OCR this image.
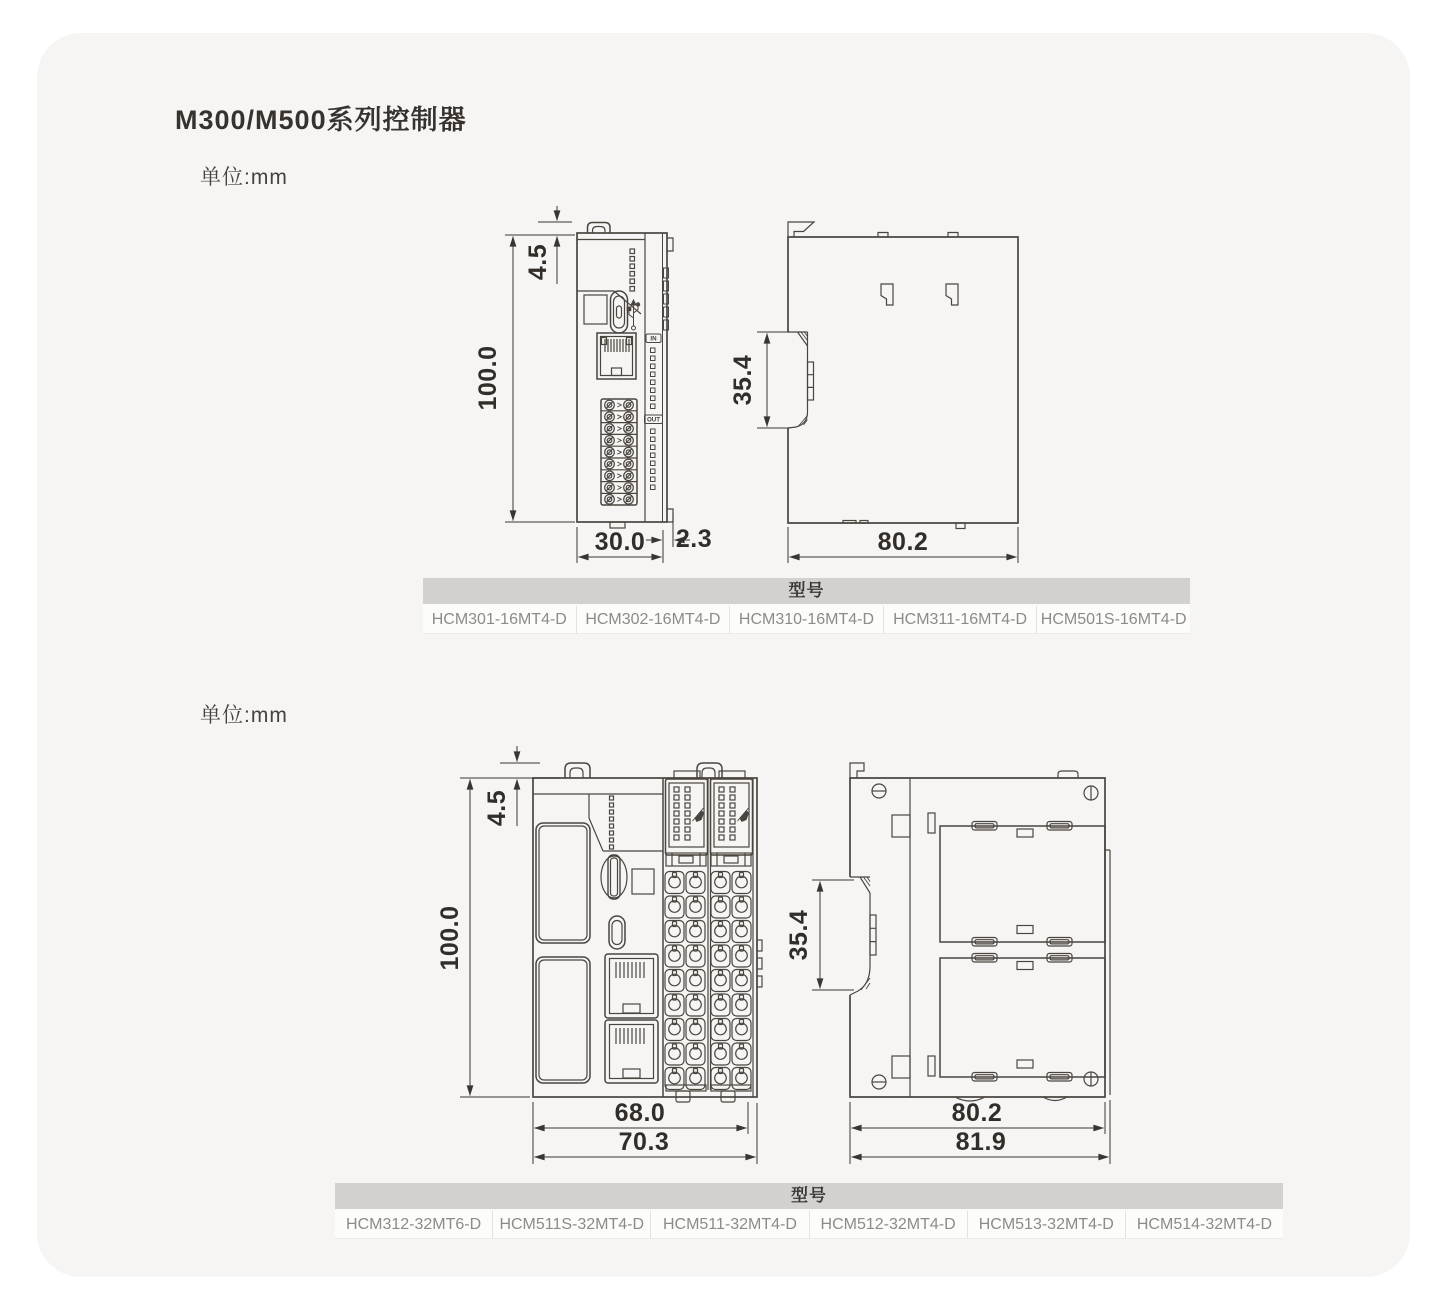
M300/M500系列控制器
单位:mm
单位:mm
IN
OUT
100.0
4.5
30.0 2.3
35.4
80.2
型号
HCM301-16MT4-D	HCM302-16MT4-D	HCM310-16MT4-D	HCM311-16MT4-D HCM501S-16MT4-D
100.0
4.5
68.0
70.3
35.4
80.2
81.9
型号
HCM312-32MT6-D	HCM511S-32MT4-D	HCM511-32MT4-D	HCM512-32MT4-D	HCM513-32MT4-D	HCM514-32MT4-D
